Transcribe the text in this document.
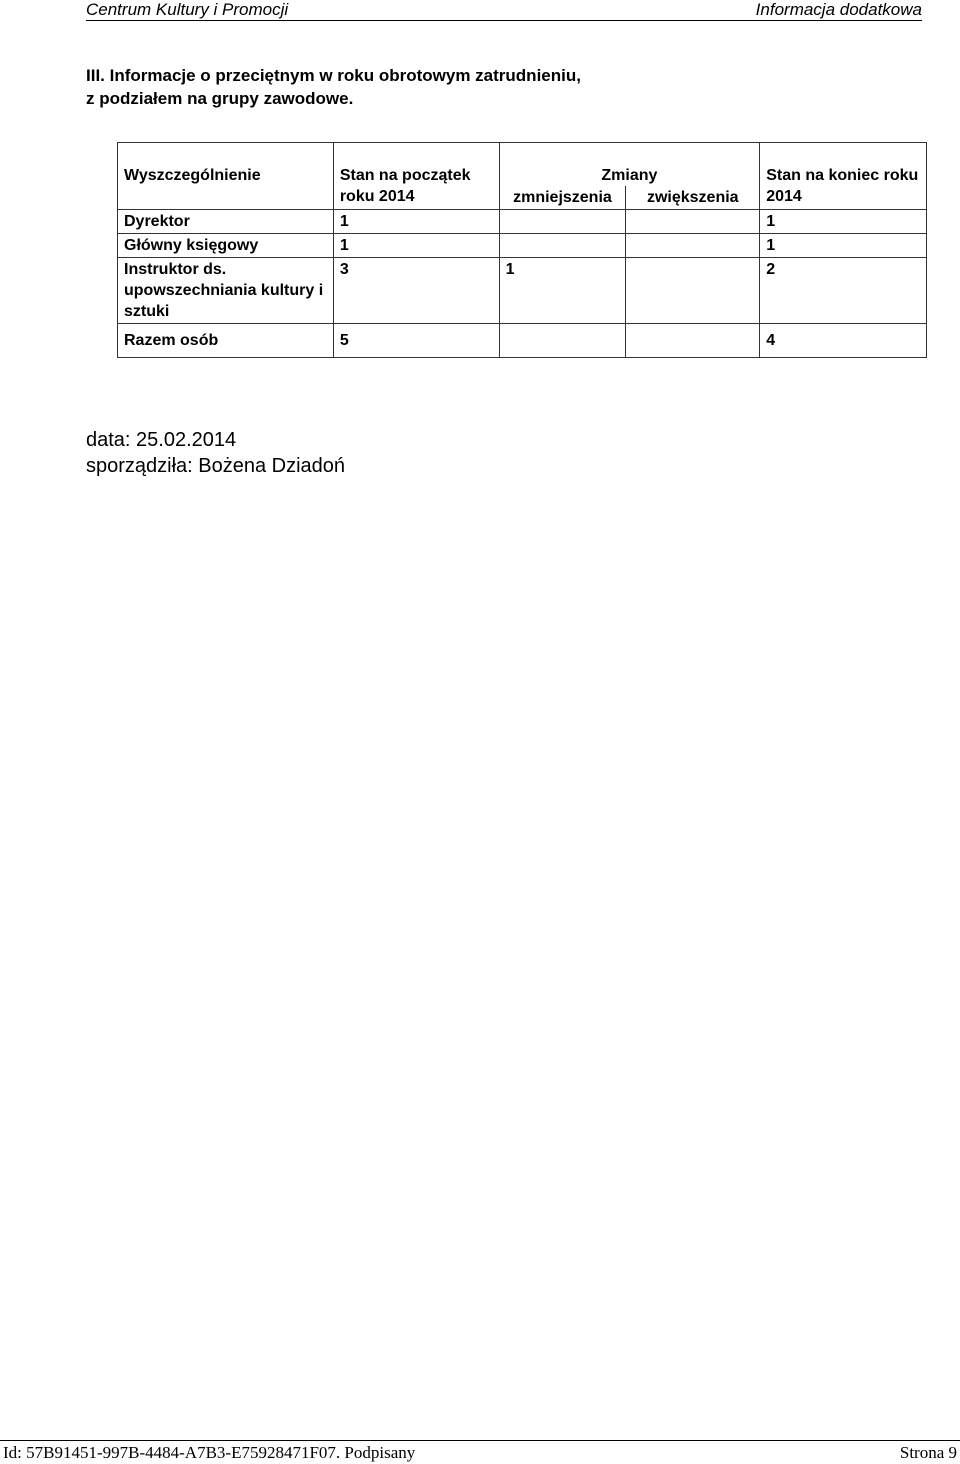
Centrum Kultury i Promocji	Informacja dodatkowa
III. Informacje o przeciętnym w roku obrotowym zatrudnieniu,
z podziałem na grupy zawodowe.
Wyszczególnienie	Stan na początek roku 2014	Zmiany		Stan na koniec roku 2014
		zmniejszenia	zwiększenia	
Dyrektor	1			1
Główny księgowy	1			1
Instruktor ds. upowszechniania kultury i sztuki	3	1		2
Razem osób	5			4
data: 25.02.2014
sporządziła: Bożena Dziadoń
Id: 57B91451-997B-4484-A7B3-E75928471F07. Podpisany	Strona 9
